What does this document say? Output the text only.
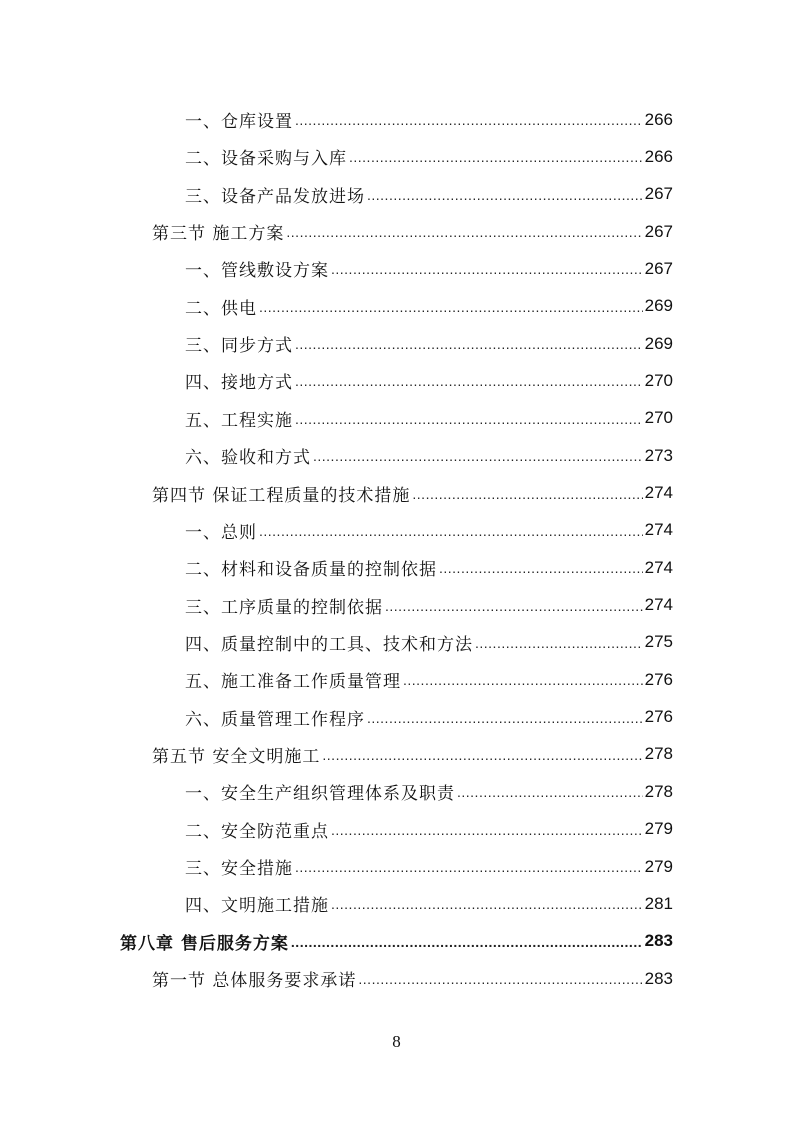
一、仓库设置 .....	266
二、设备采购与入库 .....	266
三、设备产品发放进场 .....	267
第三节 施工方案 .....	267
一、管线敷设方案 .....	267
二、供电 .....	269
三、同步方式 .....	269
四、接地方式 .....	270
五、工程实施 .....	270
六、验收和方式 .....	273
第四节 保证工程质量的技术措施 .....	274
一、总则 .....	274
二、材料和设备质量的控制依据 .....	274
三、工序质量的控制依据 .....	274
四、质量控制中的工具、技术和方法 .....	275
五、施工准备工作质量管理 .....	276
六、质量管理工作程序 .....	276
第五节 安全文明施工 .....	278
一、安全生产组织管理体系及职责 .....	278
二、安全防范重点 .....	279
三、安全措施 .....	279
四、文明施工措施 .....	281
第八章 售后服务方案 .....	283
第一节 总体服务要求承诺 .....	283
8
